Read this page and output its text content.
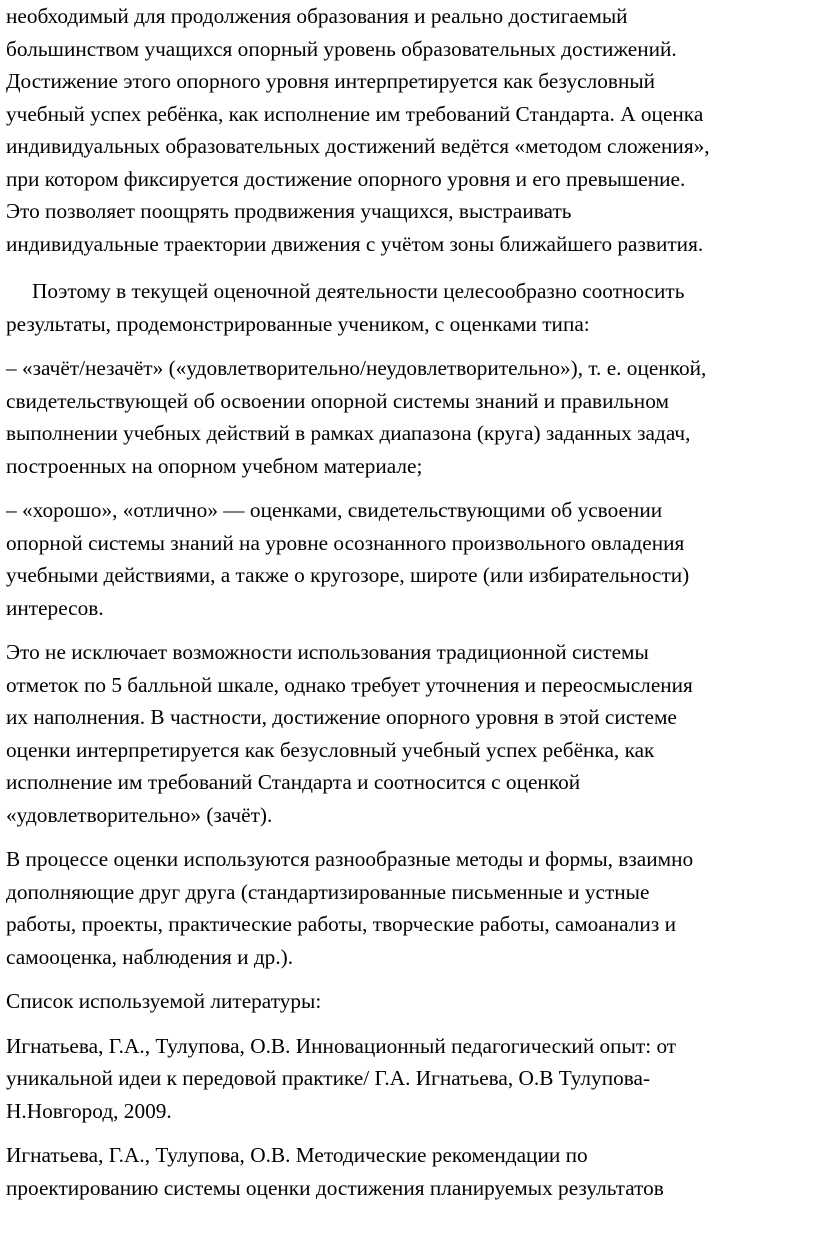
необходимый для продолжения образования и реально достигаемый
большинством учащихся опорный уровень образовательных достижений.
Достижение этого опорного уровня интерпретируется как безусловный
учебный успех ребёнка, как исполнение им требований Стандарта. А оценка
индивидуальных образовательных достижений ведётся «методом сложения»,
при котором фиксируется достижение опорного уровня и его превышение.
Это позволяет поощрять продвижения учащихся, выстраивать
индивидуальные траектории движения с учётом зоны ближайшего развития.

Поэтому в текущей оценочной деятельности целесообразно соотносить
результаты, продемонстрированные учеником, с оценками типа:

– «зачёт/незачёт» («удовлетворительно/неудовлетворительно»), т. е. оценкой,
свидетельствующей об освоении опорной системы знаний и правильном
выполнении учебных действий в рамках диапазона (круга) заданных задач,
построенных на опорном учебном материале;

– «хорошо», «отлично» — оценками, свидетельствующими об усвоении
опорной системы знаний на уровне осознанного произвольного овладения
учебными действиями, а также о кругозоре, широте (или избирательности)
интересов.

Это не исключает возможности использования традиционной системы
отметок по 5 балльной шкале, однако требует уточнения и переосмысления
их наполнения. В частности, достижение опорного уровня в этой системе
оценки интерпретируется как безусловный учебный успех ребёнка, как
исполнение им требований Стандарта и соотносится с оценкой
«удовлетворительно» (зачёт).

В процессе оценки используются разнообразные методы и формы, взаимно
дополняющие друг друга (стандартизированные письменные и устные
работы, проекты, практические работы, творческие работы, самоанализ и
самооценка, наблюдения и др.).

Список используемой литературы:

Игнатьева, Г.А., Тулупова, О.В. Инновационный педагогический опыт: от
уникальной идеи к передовой практике/ Г.А. Игнатьева, О.В Тулупова-
Н.Новгород, 2009.

Игнатьева, Г.А., Тулупова, О.В. Методические рекомендации по
проектированию системы оценки достижения планируемых результатов
